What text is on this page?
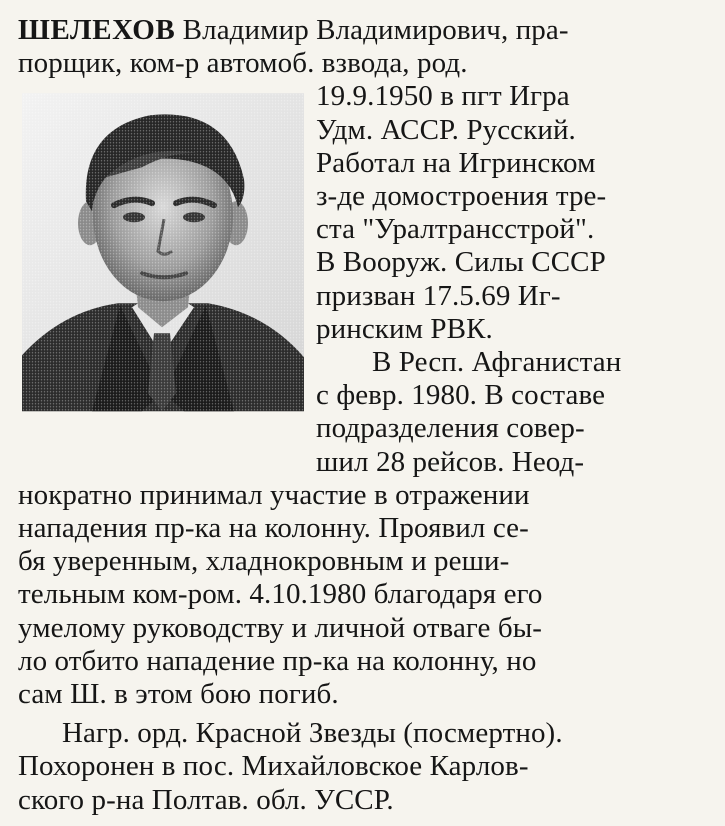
ШЕЛЕХОВ Владимир Владимирович, пра-
порщик, ком-р автомоб. взвода, род.
19.9.1950 в пгт Игра
Удм. АССР. Русский.
Работал на Игринском
з-де домостроения тре-
ста "Уралтрансстрой".
В Вооруж. Силы СССР
призван 17.5.69 Иг-
ринским РВК.
В Респ. Афганистан
с февр. 1980. В составе
подразделения совер-
шил 28 рейсов. Неод-
нократно принимал участие в отражении
нападения пр-ка на колонну. Проявил се-
бя уверенным, хладнокровным и реши-
тельным ком-ром. 4.10.1980 благодаря его
умелому руководству и личной отваге бы-
ло отбито нападение пр-ка на колонну, но
сам Ш. в этом бою погиб.
Нагр. орд. Красной Звезды (посмертно).
Похоронен в пос. Михайловское Карлов-
ского р-на Полтав. обл. УССР.
